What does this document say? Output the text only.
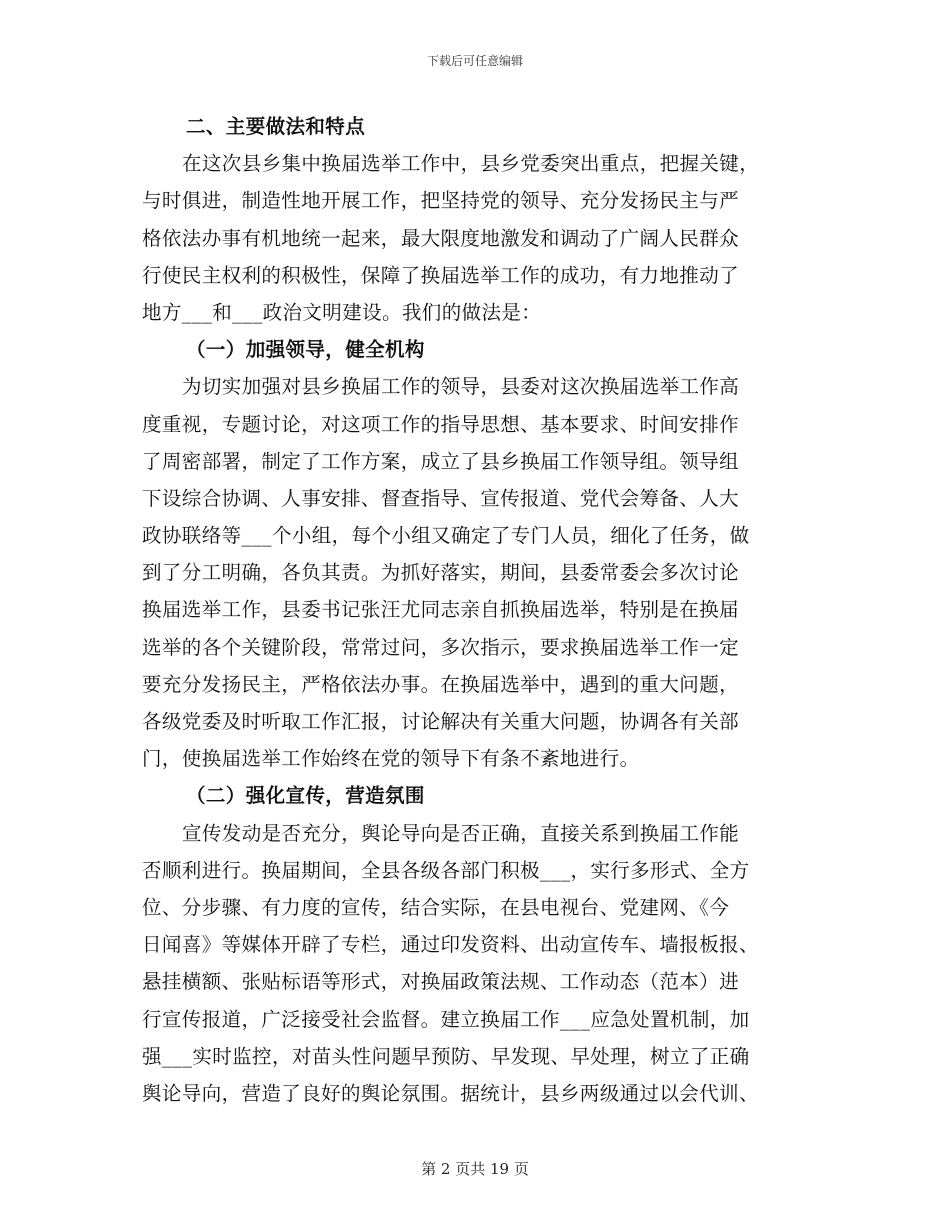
下载后可任意编辑
二、主要做法和特点
在这次县乡集中换届选举工作中，县乡党委突出重点，把握关键，
与时俱进，制造性地开展工作，把坚持党的领导、充分发扬民主与严
格依法办事有机地统一起来，最大限度地激发和调动了广阔人民群众
行使民主权利的积极性，保障了换届选举工作的成功，有力地推动了
地方___和___政治文明建设。我们的做法是：
（一）加强领导，健全机构
为切实加强对县乡换届工作的领导，县委对这次换届选举工作高
度重视，专题讨论，对这项工作的指导思想、基本要求、时间安排作
了周密部署，制定了工作方案，成立了县乡换届工作领导组。领导组
下设综合协调、人事安排、督查指导、宣传报道、党代会筹备、人大
政协联络等___个小组，每个小组又确定了专门人员，细化了任务，做
到了分工明确，各负其责。为抓好落实，期间，县委常委会多次讨论
换届选举工作，县委书记张汪尤同志亲自抓换届选举，特别是在换届
选举的各个关键阶段，常常过问，多次指示，要求换届选举工作一定
要充分发扬民主，严格依法办事。在换届选举中，遇到的重大问题，
各级党委及时听取工作汇报，讨论解决有关重大问题，协调各有关部
门，使换届选举工作始终在党的领导下有条不紊地进行。
（二）强化宣传，营造氛围
宣传发动是否充分，舆论导向是否正确，直接关系到换届工作能
否顺利进行。换届期间，全县各级各部门积极___，实行多形式、全方
位、分步骤、有力度的宣传，结合实际，在县电视台、党建网、《今
日闻喜》等媒体开辟了专栏，通过印发资料、出动宣传车、墙报板报、
悬挂横额、张贴标语等形式，对换届政策法规、工作动态（范本）进
行宣传报道，广泛接受社会监督。建立换届工作___应急处置机制，加
强___实时监控，对苗头性问题早预防、早发现、早处理，树立了正确
舆论导向，营造了良好的舆论氛围。据统计，县乡两级通过以会代训、
第 2 页共 19 页
